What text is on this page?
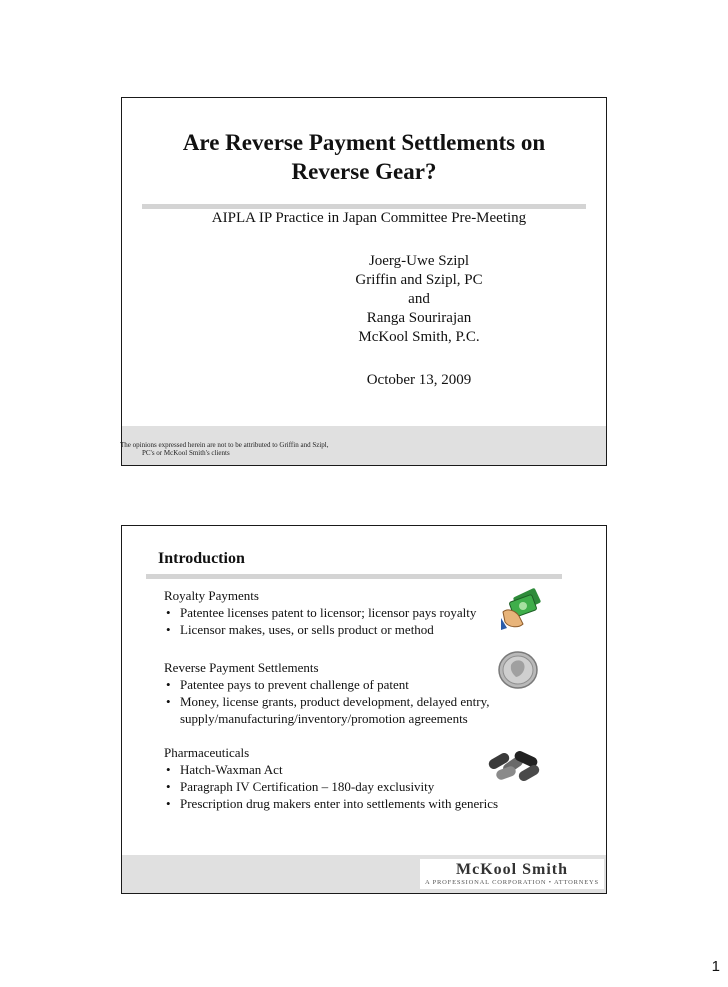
Are Reverse Payment Settlements on
Reverse Gear?
AIPLA IP Practice in Japan Committee Pre-Meeting
Joerg-Uwe Szipl
Griffin and Szipl, PC
and
Ranga Sourirajan
McKool Smith, P.C.
October 13, 2009
The opinions expressed herein are not to be attributed to Griffin and Szipl,
PC's or McKool Smith's clients
Introduction
Royalty Payments
• Patentee licenses patent to licensor; licensor pays royalty
• Licensor makes, uses, or sells product or method
Reverse Payment Settlements
• Patentee pays to prevent challenge of patent
• Money, license grants, product development, delayed entry,
supply/manufacturing/inventory/promotion agreements
Pharmaceuticals
• Hatch-Waxman Act
• Paragraph IV Certification – 180-day exclusivity
• Prescription drug makers enter into settlements with generics
McKool Smith
A PROFESSIONAL CORPORATION • ATTORNEYS
1
